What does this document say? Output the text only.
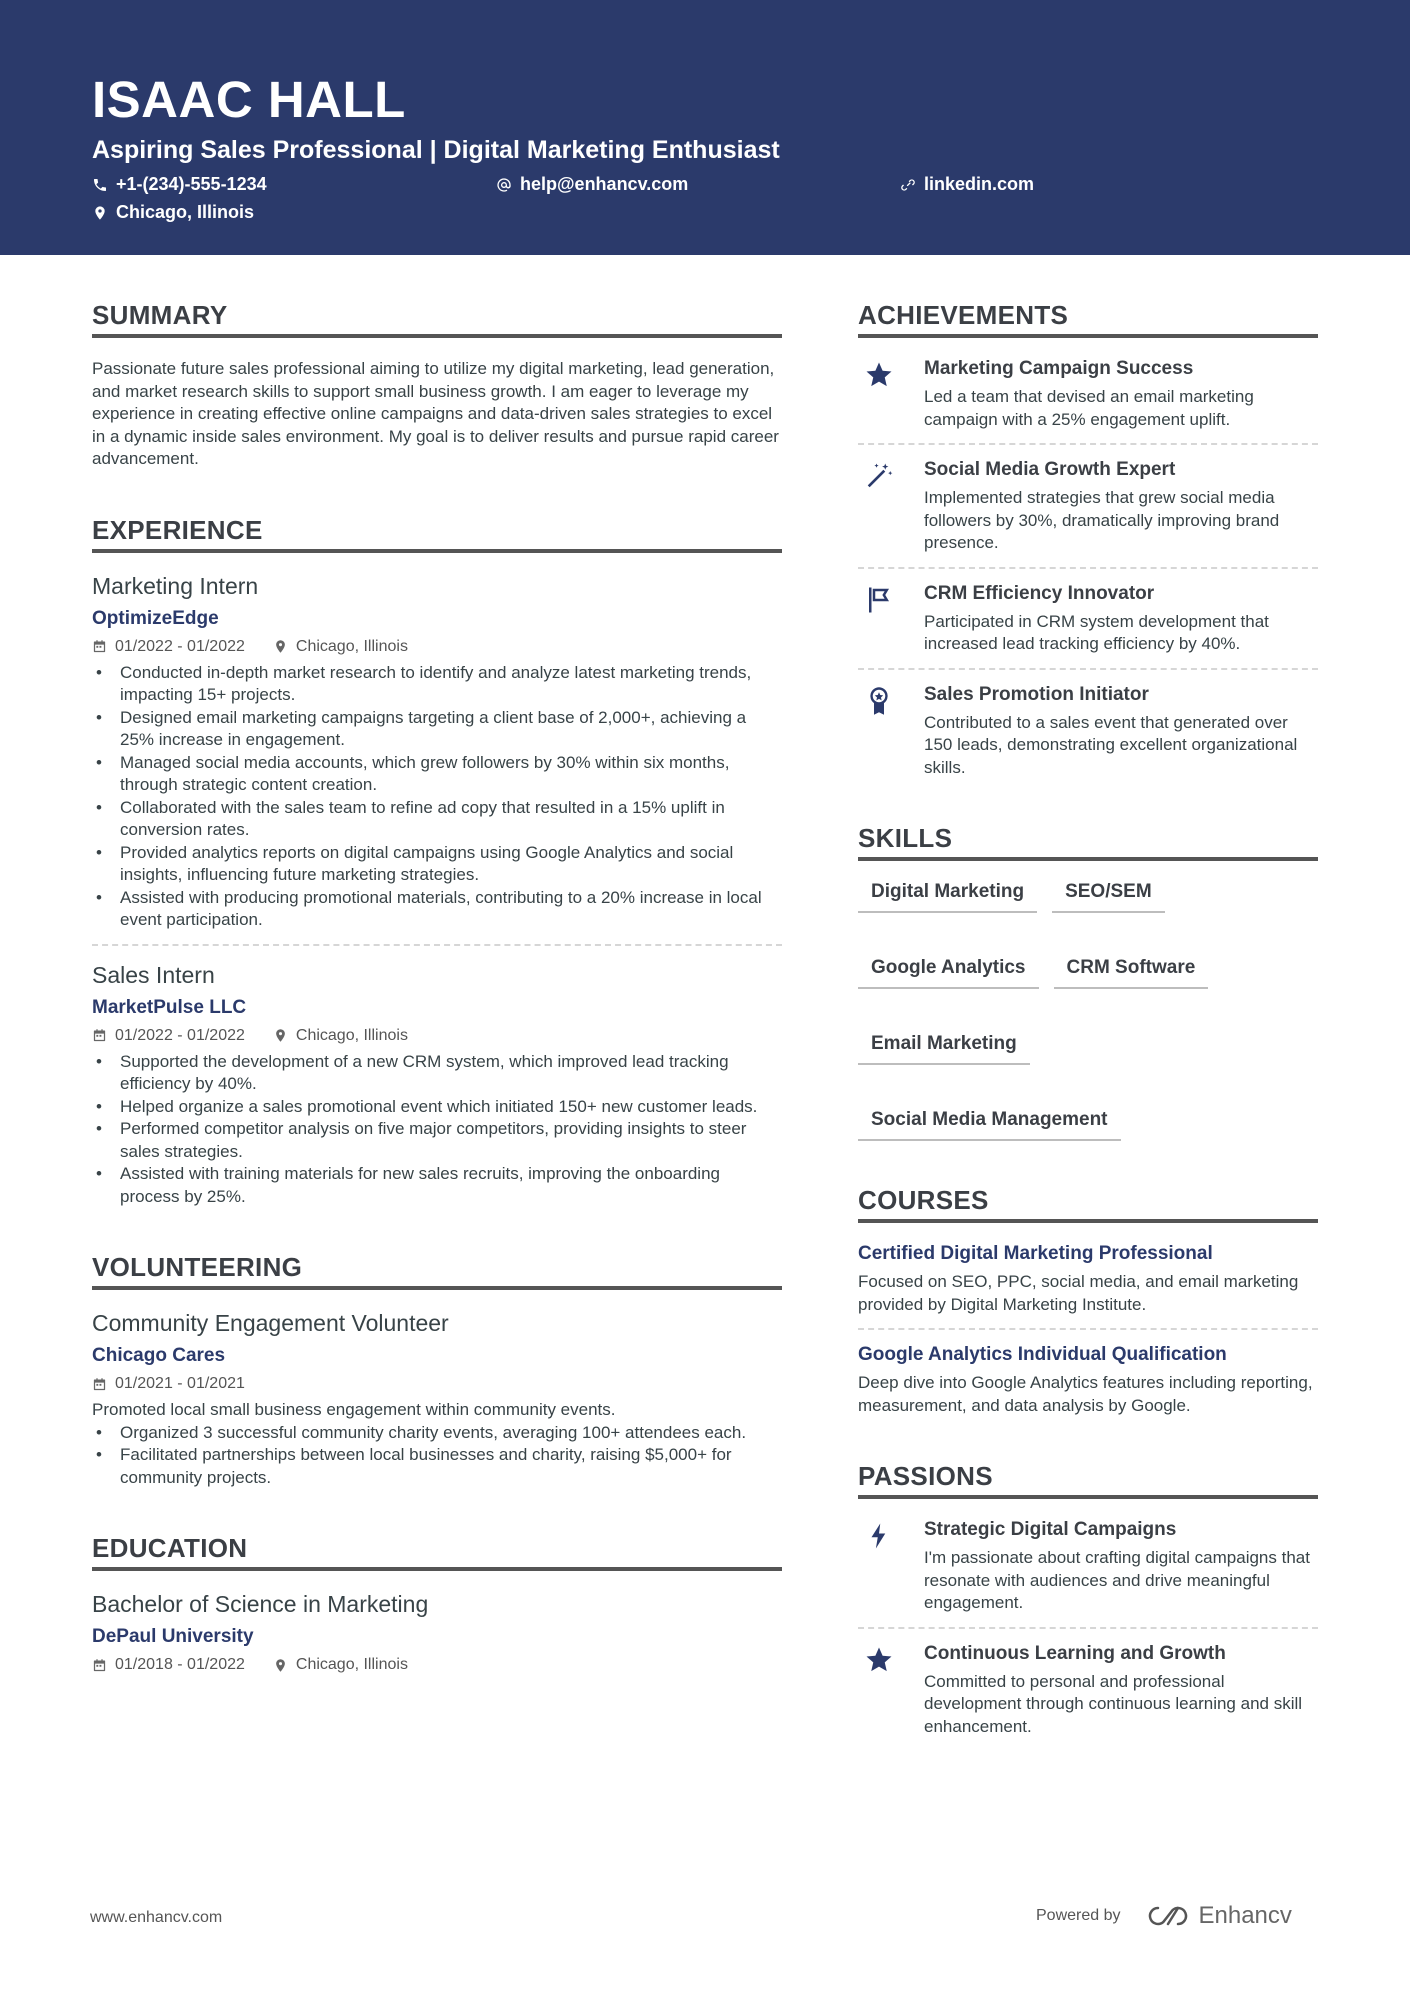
ISAAC HALL
Aspiring Sales Professional | Digital Marketing Enthusiast
+1-(234)-555-1234	help@enhancv.com	linkedin.com
Chicago, Illinois
SUMMARY

Passionate future sales professional aiming to utilize my digital marketing, lead generation, and market research skills to support small business growth. I am eager to leverage my experience in creating effective online campaigns and data-driven sales strategies to excel in a dynamic inside sales environment. My goal is to deliver results and pursue rapid career advancement.

EXPERIENCE
Marketing Intern
OptimizeEdge
01/2022 - 01/2022	Chicago, Illinois
• Conducted in-depth market research to identify and analyze latest marketing trends, impacting 15+ projects.
• Designed email marketing campaigns targeting a client base of 2,000+, achieving a 25% increase in engagement.
• Managed social media accounts, which grew followers by 30% within six months, through strategic content creation.
• Collaborated with the sales team to refine ad copy that resulted in a 15% uplift in conversion rates.
• Provided analytics reports on digital campaigns using Google Analytics and social insights, influencing future marketing strategies.
• Assisted with producing promotional materials, contributing to a 20% increase in local event participation.
Sales Intern
MarketPulse LLC
01/2022 - 01/2022	Chicago, Illinois
• Supported the development of a new CRM system, which improved lead tracking efficiency by 40%.
• Helped organize a sales promotional event which initiated 150+ new customer leads.
• Performed competitor analysis on five major competitors, providing insights to steer sales strategies.
• Assisted with training materials for new sales recruits, improving the onboarding process by 25%.
VOLUNTEERING
Community Engagement Volunteer
Chicago Cares
01/2021 - 01/2021

Promoted local small business engagement within community events.

• Organized 3 successful community charity events, averaging 100+ attendees each.
• Facilitated partnerships between local businesses and charity, raising $5,000+ for community projects.
EDUCATION
Bachelor of Science in Marketing
DePaul University
01/2018 - 01/2022	Chicago, Illinois
ACHIEVEMENTS
Marketing Campaign Success
Led a team that devised an email marketing campaign with a 25% engagement uplift.
Social Media Growth Expert
Implemented strategies that grew social media followers by 30%, dramatically improving brand presence.
CRM Efficiency Innovator
Participated in CRM system development that increased lead tracking efficiency by 40%.
Sales Promotion Initiator
Contributed to a sales event that generated over 150 leads, demonstrating excellent organizational skills.
SKILLS
Digital Marketing	SEO/SEM
Google Analytics	CRM Software
Email Marketing
Social Media Management
COURSES
Certified Digital Marketing Professional
Focused on SEO, PPC, social media, and email marketing provided by Digital Marketing Institute.
Google Analytics Individual Qualification
Deep dive into Google Analytics features including reporting, measurement, and data analysis by Google.
PASSIONS
Strategic Digital Campaigns
I'm passionate about crafting digital campaigns that resonate with audiences and drive meaningful engagement.
Continuous Learning and Growth
Committed to personal and professional development through continuous learning and skill enhancement.
www.enhancv.com	Powered by	Enhancv
